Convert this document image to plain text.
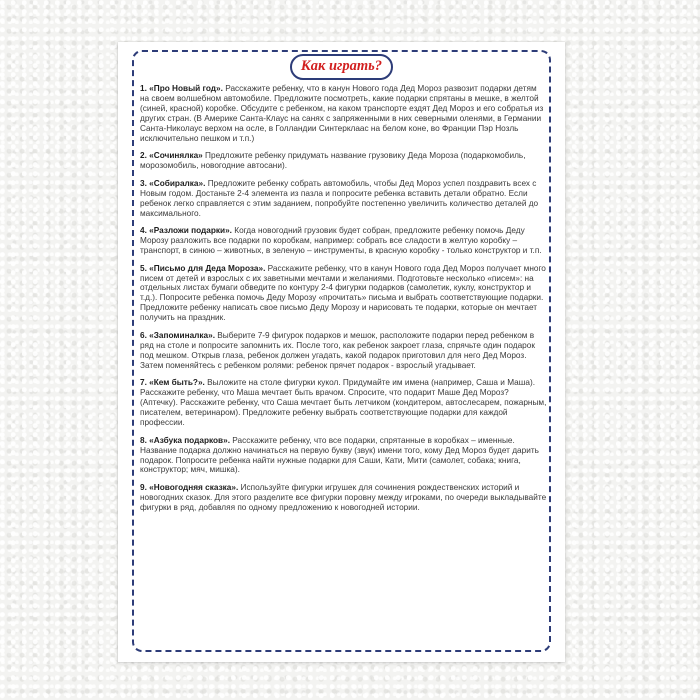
Как играть?

1. «Про Новый год». Расскажите ребенку, что в канун Нового года Дед Мороз развозит подарки детям на своем волшебном автомобиле. Предложите посмотреть, какие подарки спрятаны в мешке, в желтой (синей, красной) коробке. Обсудите с ребенком, на каком транспорте ездят Дед Мороз и его собратья из других стран. (В Америке Санта-Клаус на санях с запряженными в них северными оленями, в Германии Санта-Николаус верхом на осле, в Голландии Синтерклаас на белом коне, во Франции Пэр Нозль исключительно пешком и т.п.)

2. «Сочинялка» Предложите ребенку придумать название грузовику Деда Мороза (подаркомобиль, морозомобиль, новогодние автосани).

3. «Собиралка». Предложите ребенку собрать автомобиль, чтобы Дед Мороз успел поздравить всех с Новым годом. Достаньте 2-4 элемента из пазла и попросите ребенка вставить детали обратно. Если ребенок легко справляется с этим заданием, попробуйте постепенно увеличить количество деталей до максимального.

4. «Разложи подарки». Когда новогодний грузовик будет собран, предложите ребенку помочь Деду Морозу разложить все подарки по коробкам, например: собрать все сладости в желтую коробку – транспорт, в синюю – животных, в зеленую – инструменты, в красную коробку - только конструктор и т.п.

5. «Письмо для Деда Мороза». Расскажите ребенку, что в канун Нового года Дед Мороз получает много писем от детей и взрослых с их заветными мечтами и желаниями. Подготовьте несколько «писем»: на отдельных листах бумаги обведите по контуру 2-4 фигурки подарков (самолетик, куклу, конструктор и т.д.). Попросите ребенка помочь Деду Морозу «прочитать» письма и выбрать соответствующие подарки. Предложите ребенку написать свое письмо Деду Морозу и нарисовать те подарки, которые он мечтает получить на праздник.

6. «Запоминалка». Выберите 7-9 фигурок подарков и мешок, расположите подарки перед ребенком в ряд на столе и попросите запомнить их. После того, как ребенок закроет глаза, спрячьте один подарок под мешком. Открыв глаза, ребенок должен угадать, какой подарок приготовил для него Дед Мороз. Затем поменяйтесь с ребенком ролями: ребенок прячет подарок - взрослый угадывает.

7. «Кем быть?». Выложите на столе фигурки кукол. Придумайте им имена (например, Саша и Маша). Расскажите ребенку, что Маша мечтает быть врачом. Спросите, что подарит Маше Дед Мороз? (Аптечку). Расскажите ребенку, что Саша мечтает быть летчиком (кондитером, автослесарем, пожарным, писателем, ветеринаром). Предложите ребенку выбрать соответствующие подарки для каждой профессии.

8. «Азбука подарков». Расскажите ребенку, что все подарки, спрятанные в коробках – именные. Название подарка должно начинаться на первую букву (звук) имени того, кому Дед Мороз будет дарить подарок. Попросите ребенка найти нужные подарки для Саши, Кати, Мити (самолет, собака; книга, конструктор; мяч, мишка).

9. «Новогодняя сказка». Используйте фигурки игрушек для сочинения рождественских историй и новогодних сказок. Для этого разделите все фигурки поровну между игроками, по очереди выкладывайте фигурки в ряд, добавляя по одному предложению к новогодней истории.
